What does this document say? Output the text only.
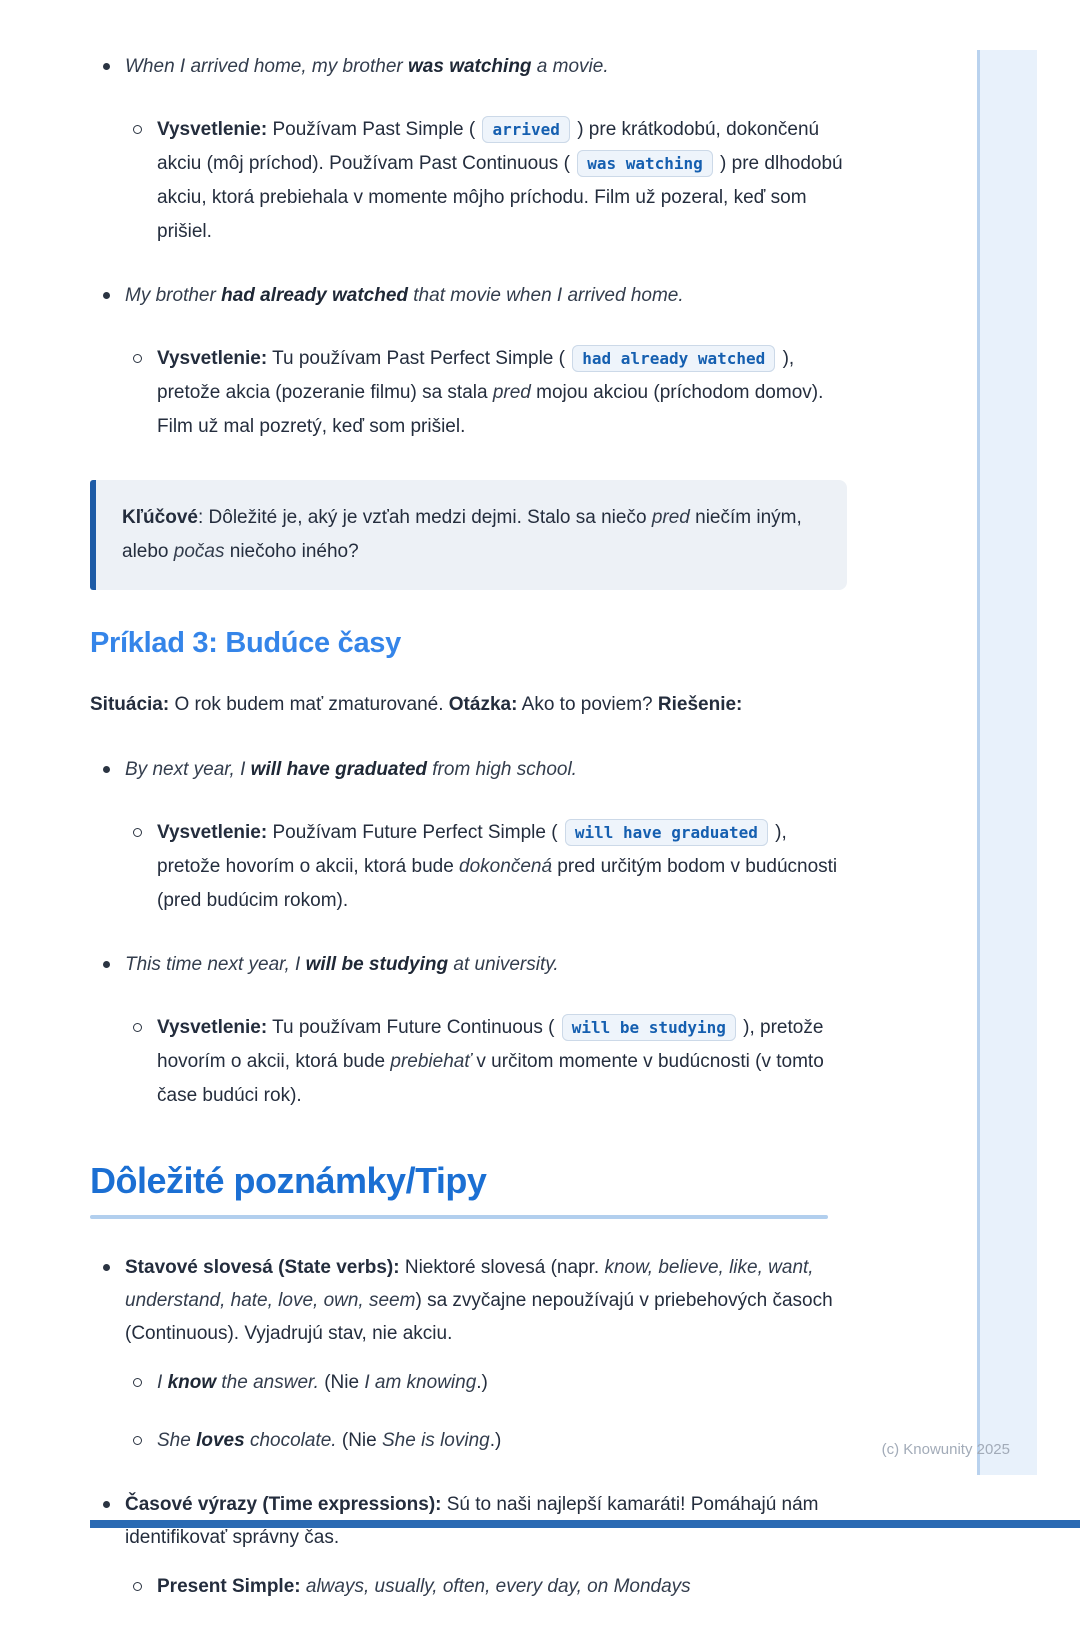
When I arrived home, my brother was watching a movie.
Vysvetlenie: Používam Past Simple ( arrived ) pre krátkodobú, dokončenú akciu (môj príchod). Používam Past Continuous ( was watching ) pre dlhodobú akciu, ktorá prebiehala v momente môjho príchodu. Film už pozeral, keď som prišiel.
My brother had already watched that movie when I arrived home.
Vysvetlenie: Tu používam Past Perfect Simple ( had already watched ), pretože akcia (pozeranie filmu) sa stala pred mojou akciou (príchodom domov). Film už mal pozretý, keď som prišiel.
Kľúčové: Dôležité je, aký je vzťah medzi dejmi. Stalo sa niečo pred niečím iným, alebo počas niečoho iného?
Príklad 3: Budúce časy
Situácia: O rok budem mať zmaturované. Otázka: Ako to poviem? Riešenie:
By next year, I will have graduated from high school.
Vysvetlenie: Používam Future Perfect Simple ( will have graduated ), pretože hovorím o akcii, ktorá bude dokončená pred určitým bodom v budúcnosti (pred budúcim rokom).
This time next year, I will be studying at university.
Vysvetlenie: Tu používam Future Continuous ( will be studying ), pretože hovorím o akcii, ktorá bude prebiehať v určitom momente v budúcnosti (v tomto čase budúci rok).
Dôležité poznámky/Tipy
Stavové slovesá (State verbs): Niektoré slovesá (napr. know, believe, like, want, understand, hate, love, own, seem) sa zvyčajne nepoužívajú v priebehových časoch (Continuous). Vyjadrujú stav, nie akciu.
I know the answer. (Nie I am knowing.)
She loves chocolate. (Nie She is loving.)
Časové výrazy (Time expressions): Sú to naši najlepší kamaráti! Pomáhajú nám identifikovať správny čas.
Present Simple: always, usually, often, every day, on Mondays
(c) Knowunity 2025
